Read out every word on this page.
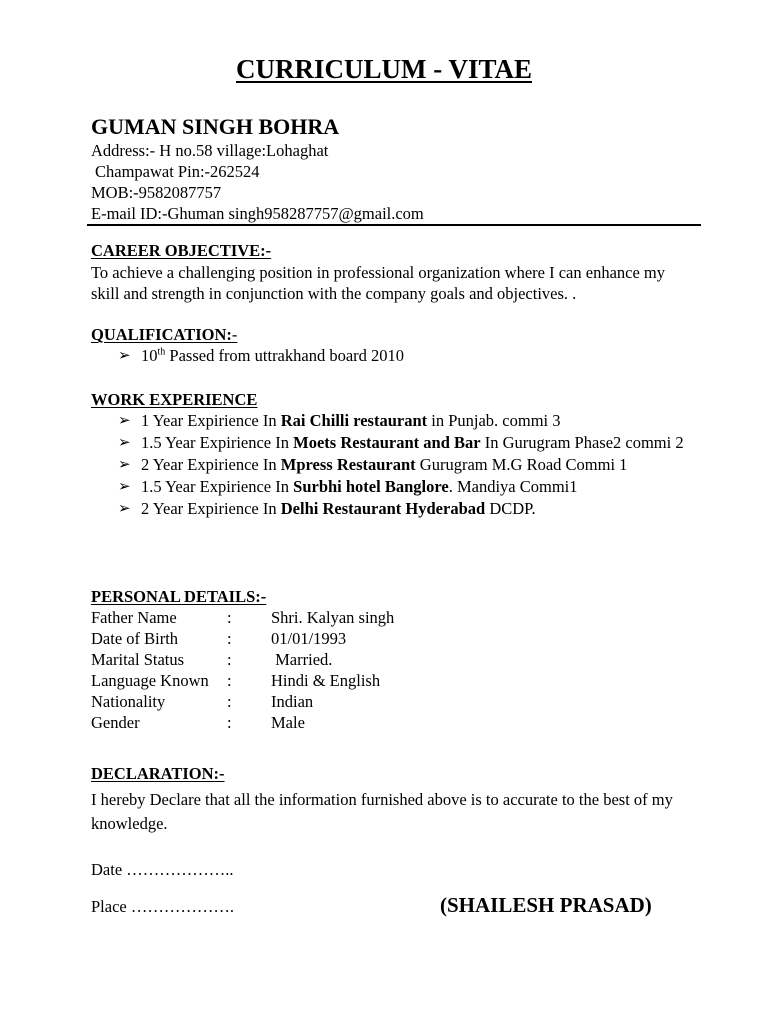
CURRICULUM - VITAE
GUMAN SINGH BOHRA
Address:- H no.58 village:Lohaghat
Champawat Pin:-262524
MOB:-9582087757
E-mail ID:-Ghuman singh958287757@gmail.com
CAREER OBJECTIVE:-

To achieve a challenging position in professional organization where I can enhance my skill and strength in conjunction with the company goals and objectives. .

QUALIFICATION:-
➢ 10th Passed from uttrakhand board 2010
WORK EXPERIENCE
➢ 1 Year Expirience In Rai Chilli restaurant in Punjab. commi 3
➢ 1.5 Year Expirience In Moets Restaurant and Bar In Gurugram Phase2 commi 2
➢ 2 Year Expirience In Mpress Restaurant Gurugram M.G Road Commi 1
➢ 1.5 Year Expirience In Surbhi hotel Banglore. Mandiya Commi1
➢ 2 Year Expirience In Delhi Restaurant Hyderabad DCDP.
PERSONAL DETAILS:-
Father Name	: Shri. Kalyan singh
Date of Birth	: 01/01/1993
Marital Status	: Married.
Language Known : Hindi & English
Nationality	: Indian
Gender	: Male
DECLARATION:-

I hereby Declare that all the information furnished above is to accurate to the best of my knowledge.

Date ………………..
Place ……………….	(SHAILESH PRASAD)
